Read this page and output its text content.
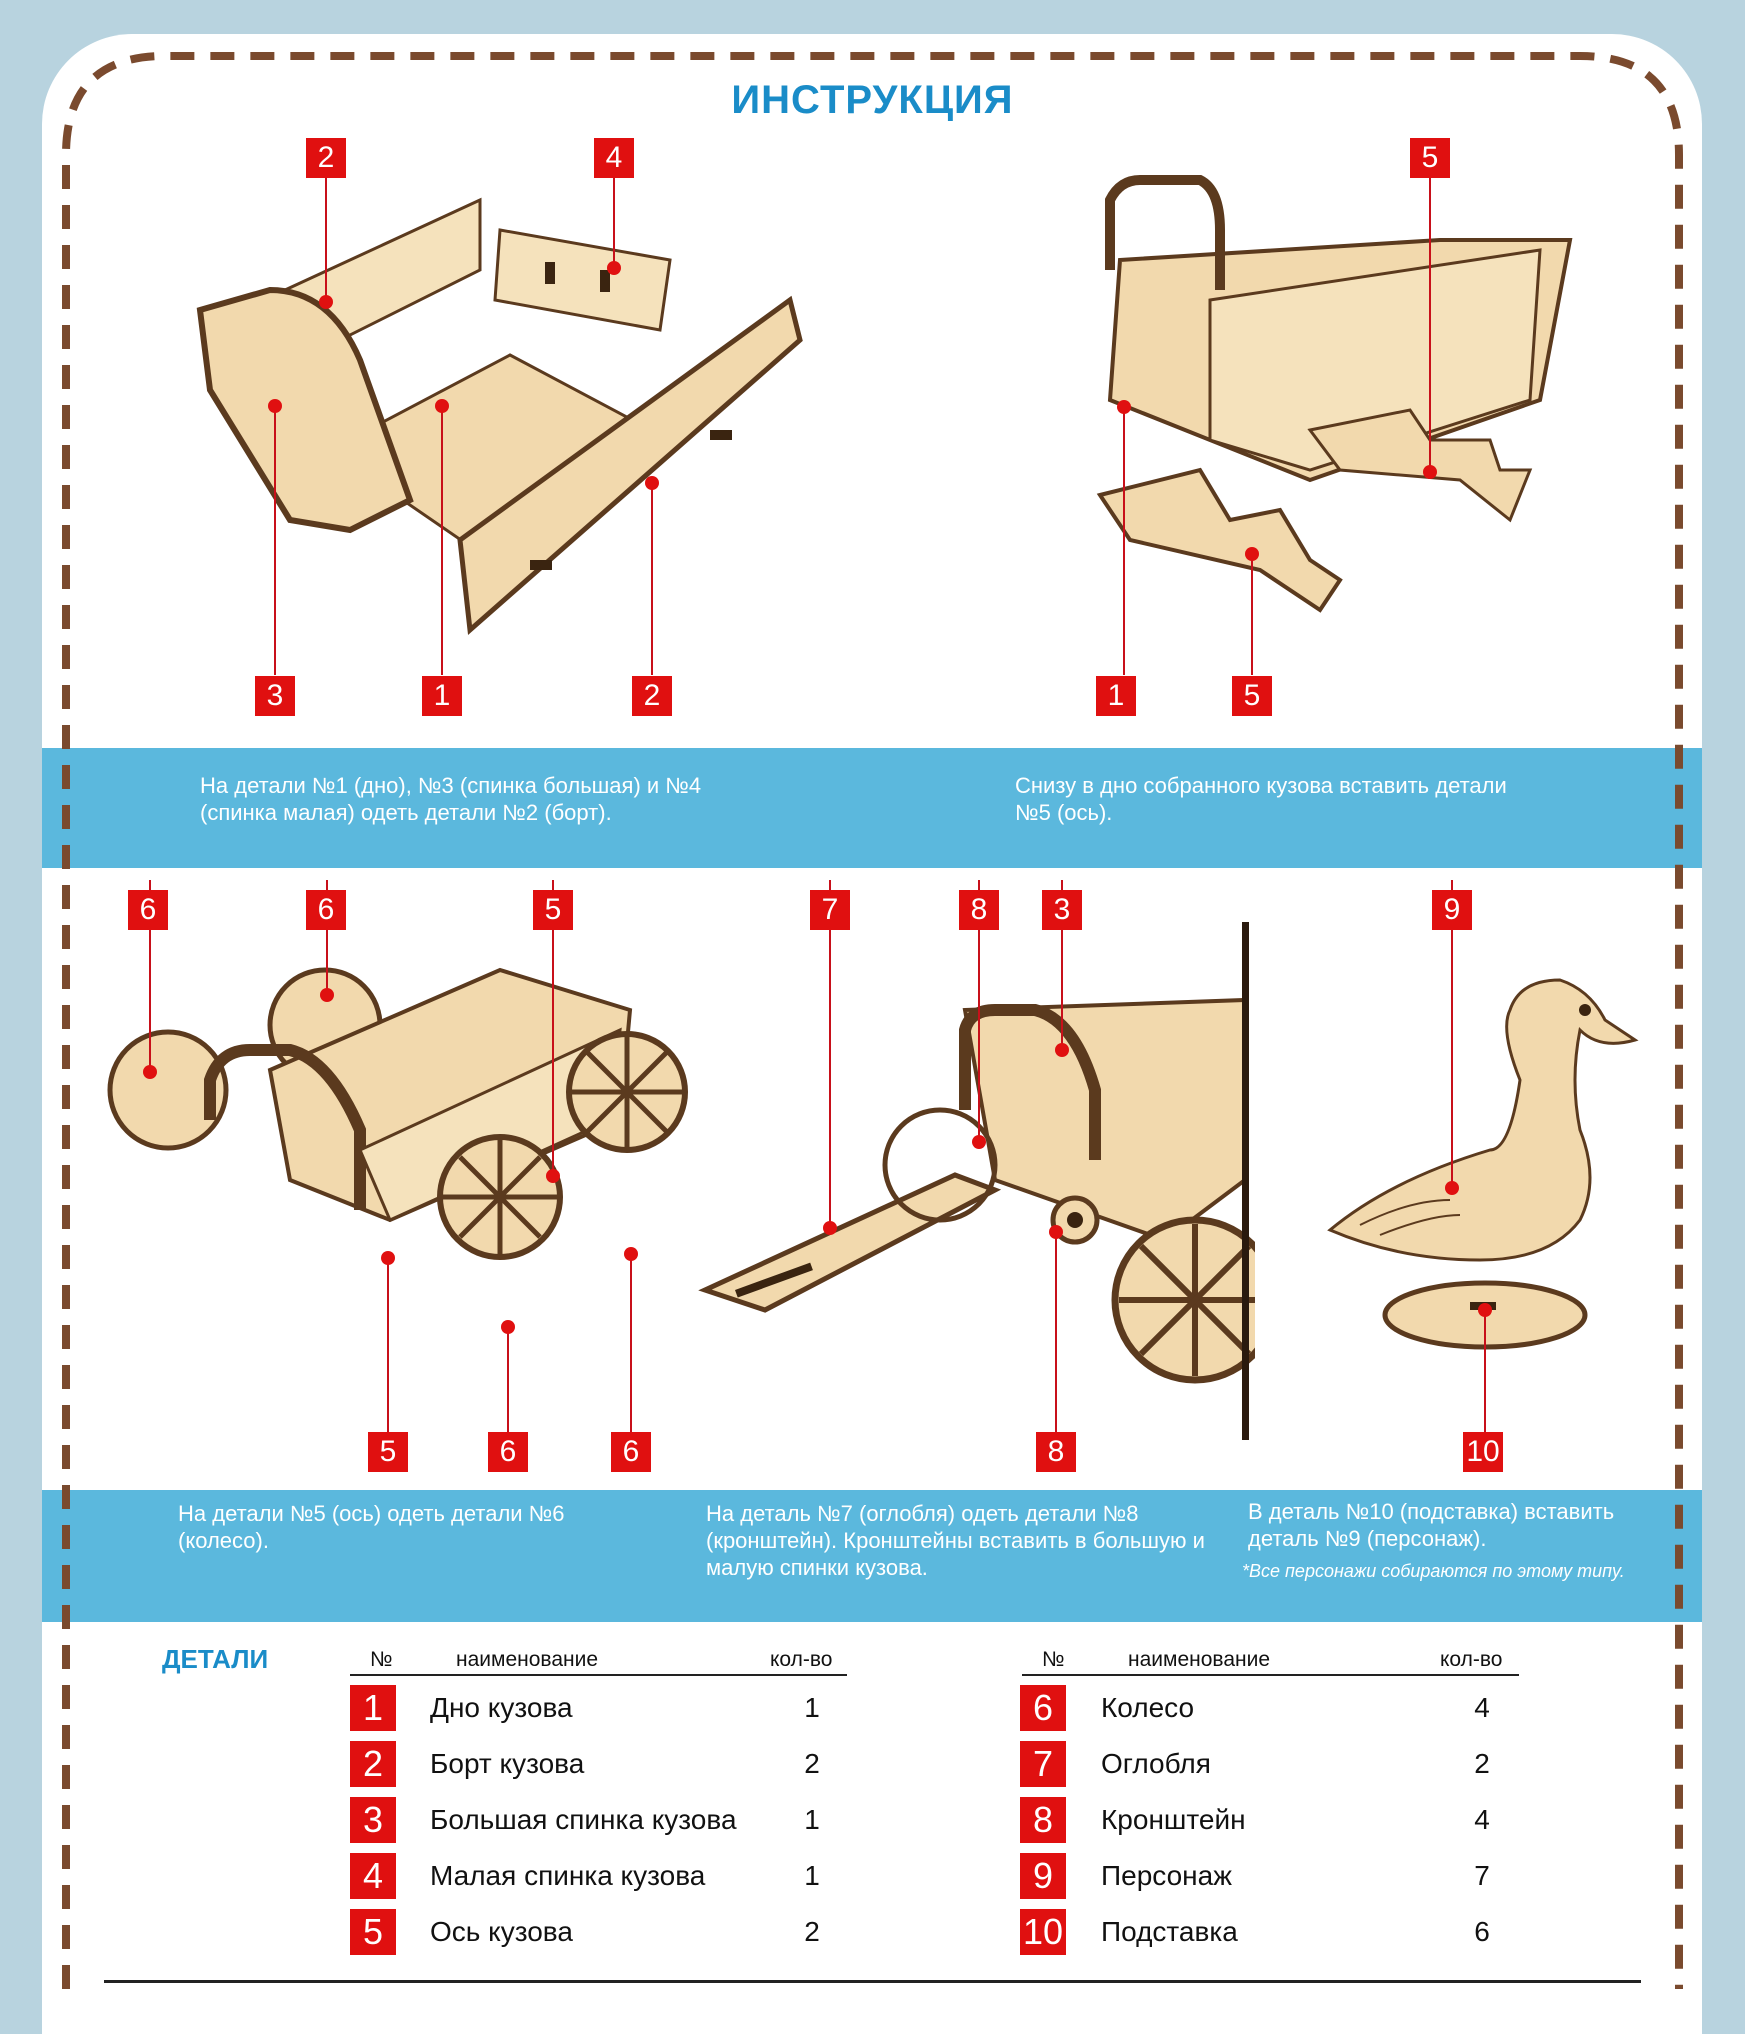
ИНСТРУКЦИЯ
2	4
3	1	2
5
1	5

На детали №1 (дно), №3 (спинка большая) и №4 (спинка малая) одеть детали №2 (борт).

Снизу в дно собранного кузова вставить детали №5 (ось).

6	6	5
5	6	6
7	8	3
8
9
10

На детали №5 (ось) одеть детали №6 (колесо).

На деталь №7 (оглобля) одеть детали №8 (кронштейн). Кронштейны вставить в большую и малую спинки кузова.

В деталь №10 (подставка) вставить деталь №9 (персонаж).

*Все персонажи собираются по этому типу.

ДЕТАЛИ	№	наименование	кол-во	№	наименование	кол-во
1	Дно кузова	1
2	Борт кузова	2
3	Большая спинка кузова	1
4	Малая спинка кузова	1
5	Ось кузова	2
6	Колесо	4
7	Оглобля	2
8	Кронштейн	4
9	Персонаж	7
10 Подставка	6
